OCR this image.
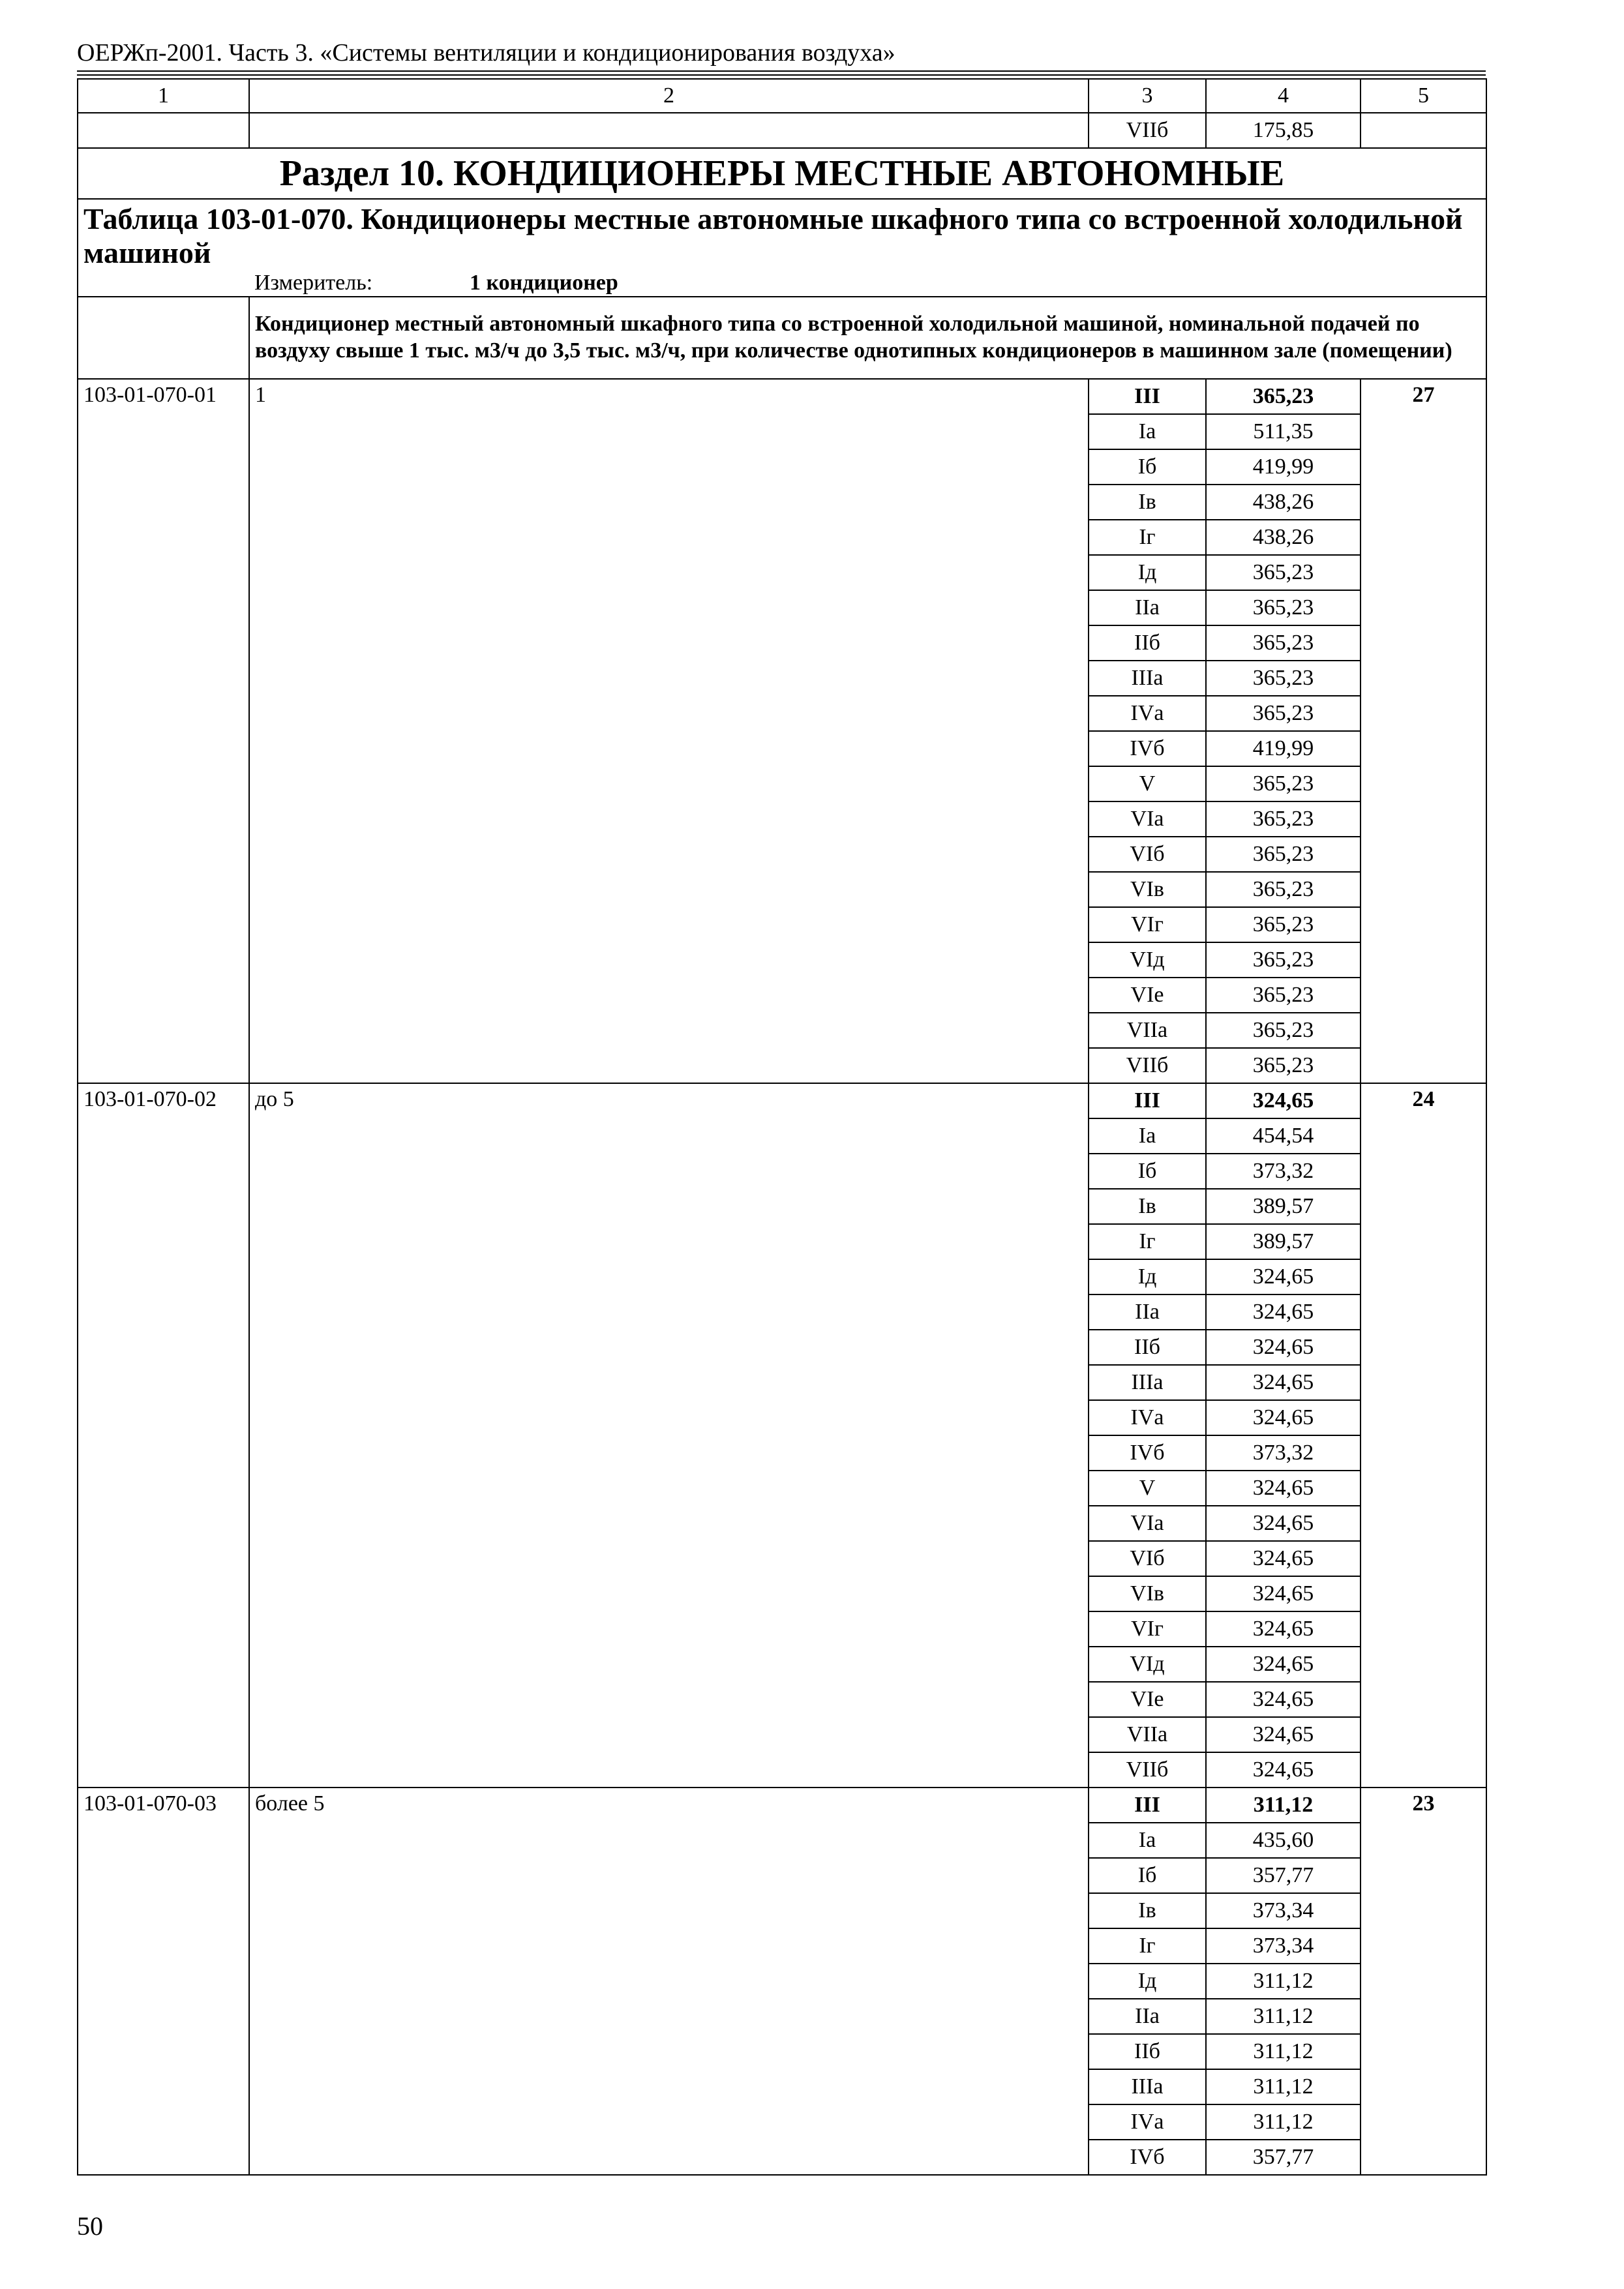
ОЕРЖп-2001. Часть 3. «Системы вентиляции и кондиционирования воздуха»
1	2	3	4	5
		VIIб	175,85	
Раздел 10. КОНДИЦИОНЕРЫ МЕСТНЫЕ АВТОНОМНЫЕ				
Таблица 103-01-070. Кондиционеры местные автономные шкафного типа со встроенной холодильной машиной				
	Измеритель: 1 кондиционер			
	Кондиционер местный автономный шкафного типа со встроенной холодильной машиной, номинальной подачей по воздуху свыше 1 тыс. м3/ч до 3,5 тыс. м3/ч, при количестве однотипных кондиционеров в машинном зале (помещении)			
103-01-070-01	1	III	365,23	27
		Iа	511,35	
		Iб	419,99	
		Iв	438,26	
		Iг	438,26	
		Iд	365,23	
		IIа	365,23	
		IIб	365,23	
		IIIа	365,23	
		IVа	365,23	
		IVб	419,99	
		V	365,23	
		VIа	365,23	
		VIб	365,23	
		VIв	365,23	
		VIг	365,23	
		VIд	365,23	
		VIе	365,23	
		VIIа	365,23	
		VIIб	365,23	
103-01-070-02	до 5	III	324,65	24
		Iа	454,54	
		Iб	373,32	
		Iв	389,57	
		Iг	389,57	
		Iд	324,65	
		IIа	324,65	
		IIб	324,65	
		IIIа	324,65	
		IVа	324,65	
		IVб	373,32	
		V	324,65	
		VIа	324,65	
		VIб	324,65	
		VIв	324,65	
		VIг	324,65	
		VIд	324,65	
		VIе	324,65	
		VIIа	324,65	
		VIIб	324,65	
103-01-070-03	более 5	III	311,12	23
		Iа	435,60	
		Iб	357,77	
		Iв	373,34	
		Iг	373,34	
		Iд	311,12	
		IIа	311,12	
		IIб	311,12	
		IIIа	311,12	
		IVа	311,12	
		IVб	357,77	
50
